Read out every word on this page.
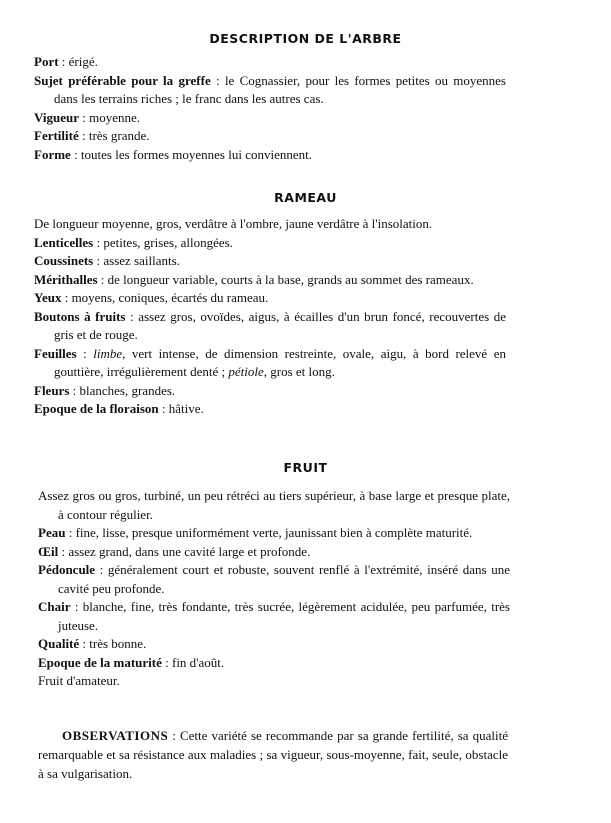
DESCRIPTION DE L'ARBRE

Port : érigé.

Sujet préférable pour la greffe : le Cognassier, pour les formes petites ou moyennes dans les terrains riches ; le franc dans les autres cas.

Vigueur : moyenne.

Fertilité : très grande.

Forme : toutes les formes moyennes lui conviennent.

RAMEAU

De longueur moyenne, gros, verdâtre à l'ombre, jaune verdâtre à l'insolation.

Lenticelles : petites, grises, allongées.

Coussinets : assez saillants.

Mérithalles : de longueur variable, courts à la base, grands au sommet des rameaux.

Yeux : moyens, coniques, écartés du rameau.

Boutons à fruits : assez gros, ovoïdes, aigus, à écailles d'un brun foncé, recouvertes de gris et de rouge.

Feuilles : limbe, vert intense, de dimension restreinte, ovale, aigu, à bord relevé en gouttière, irrégulièrement denté ; pétiole, gros et long.

Fleurs : blanches, grandes.

Epoque de la floraison : hâtive.

FRUIT

Assez gros ou gros, turbiné, un peu rétréci au tiers supérieur, à base large et presque plate, à contour régulier.

Peau : fine, lisse, presque uniformément verte, jaunissant bien à complète maturité.

Œil : assez grand, dans une cavité large et profonde.

Pédoncule : généralement court et robuste, souvent renflé à l'extrémité, inséré dans une cavité peu profonde.

Chair : blanche, fine, très fondante, très sucrée, légèrement acidulée, peu parfumée, très juteuse.

Qualité : très bonne.

Epoque de la maturité : fin d'août.

Fruit d'amateur.

OBSERVATIONS : Cette variété se recommande par sa grande fertilité, sa qualité remarquable et sa résistance aux maladies ; sa vigueur, sous-moyenne, fait, seule, obstacle à sa vulgarisation.
